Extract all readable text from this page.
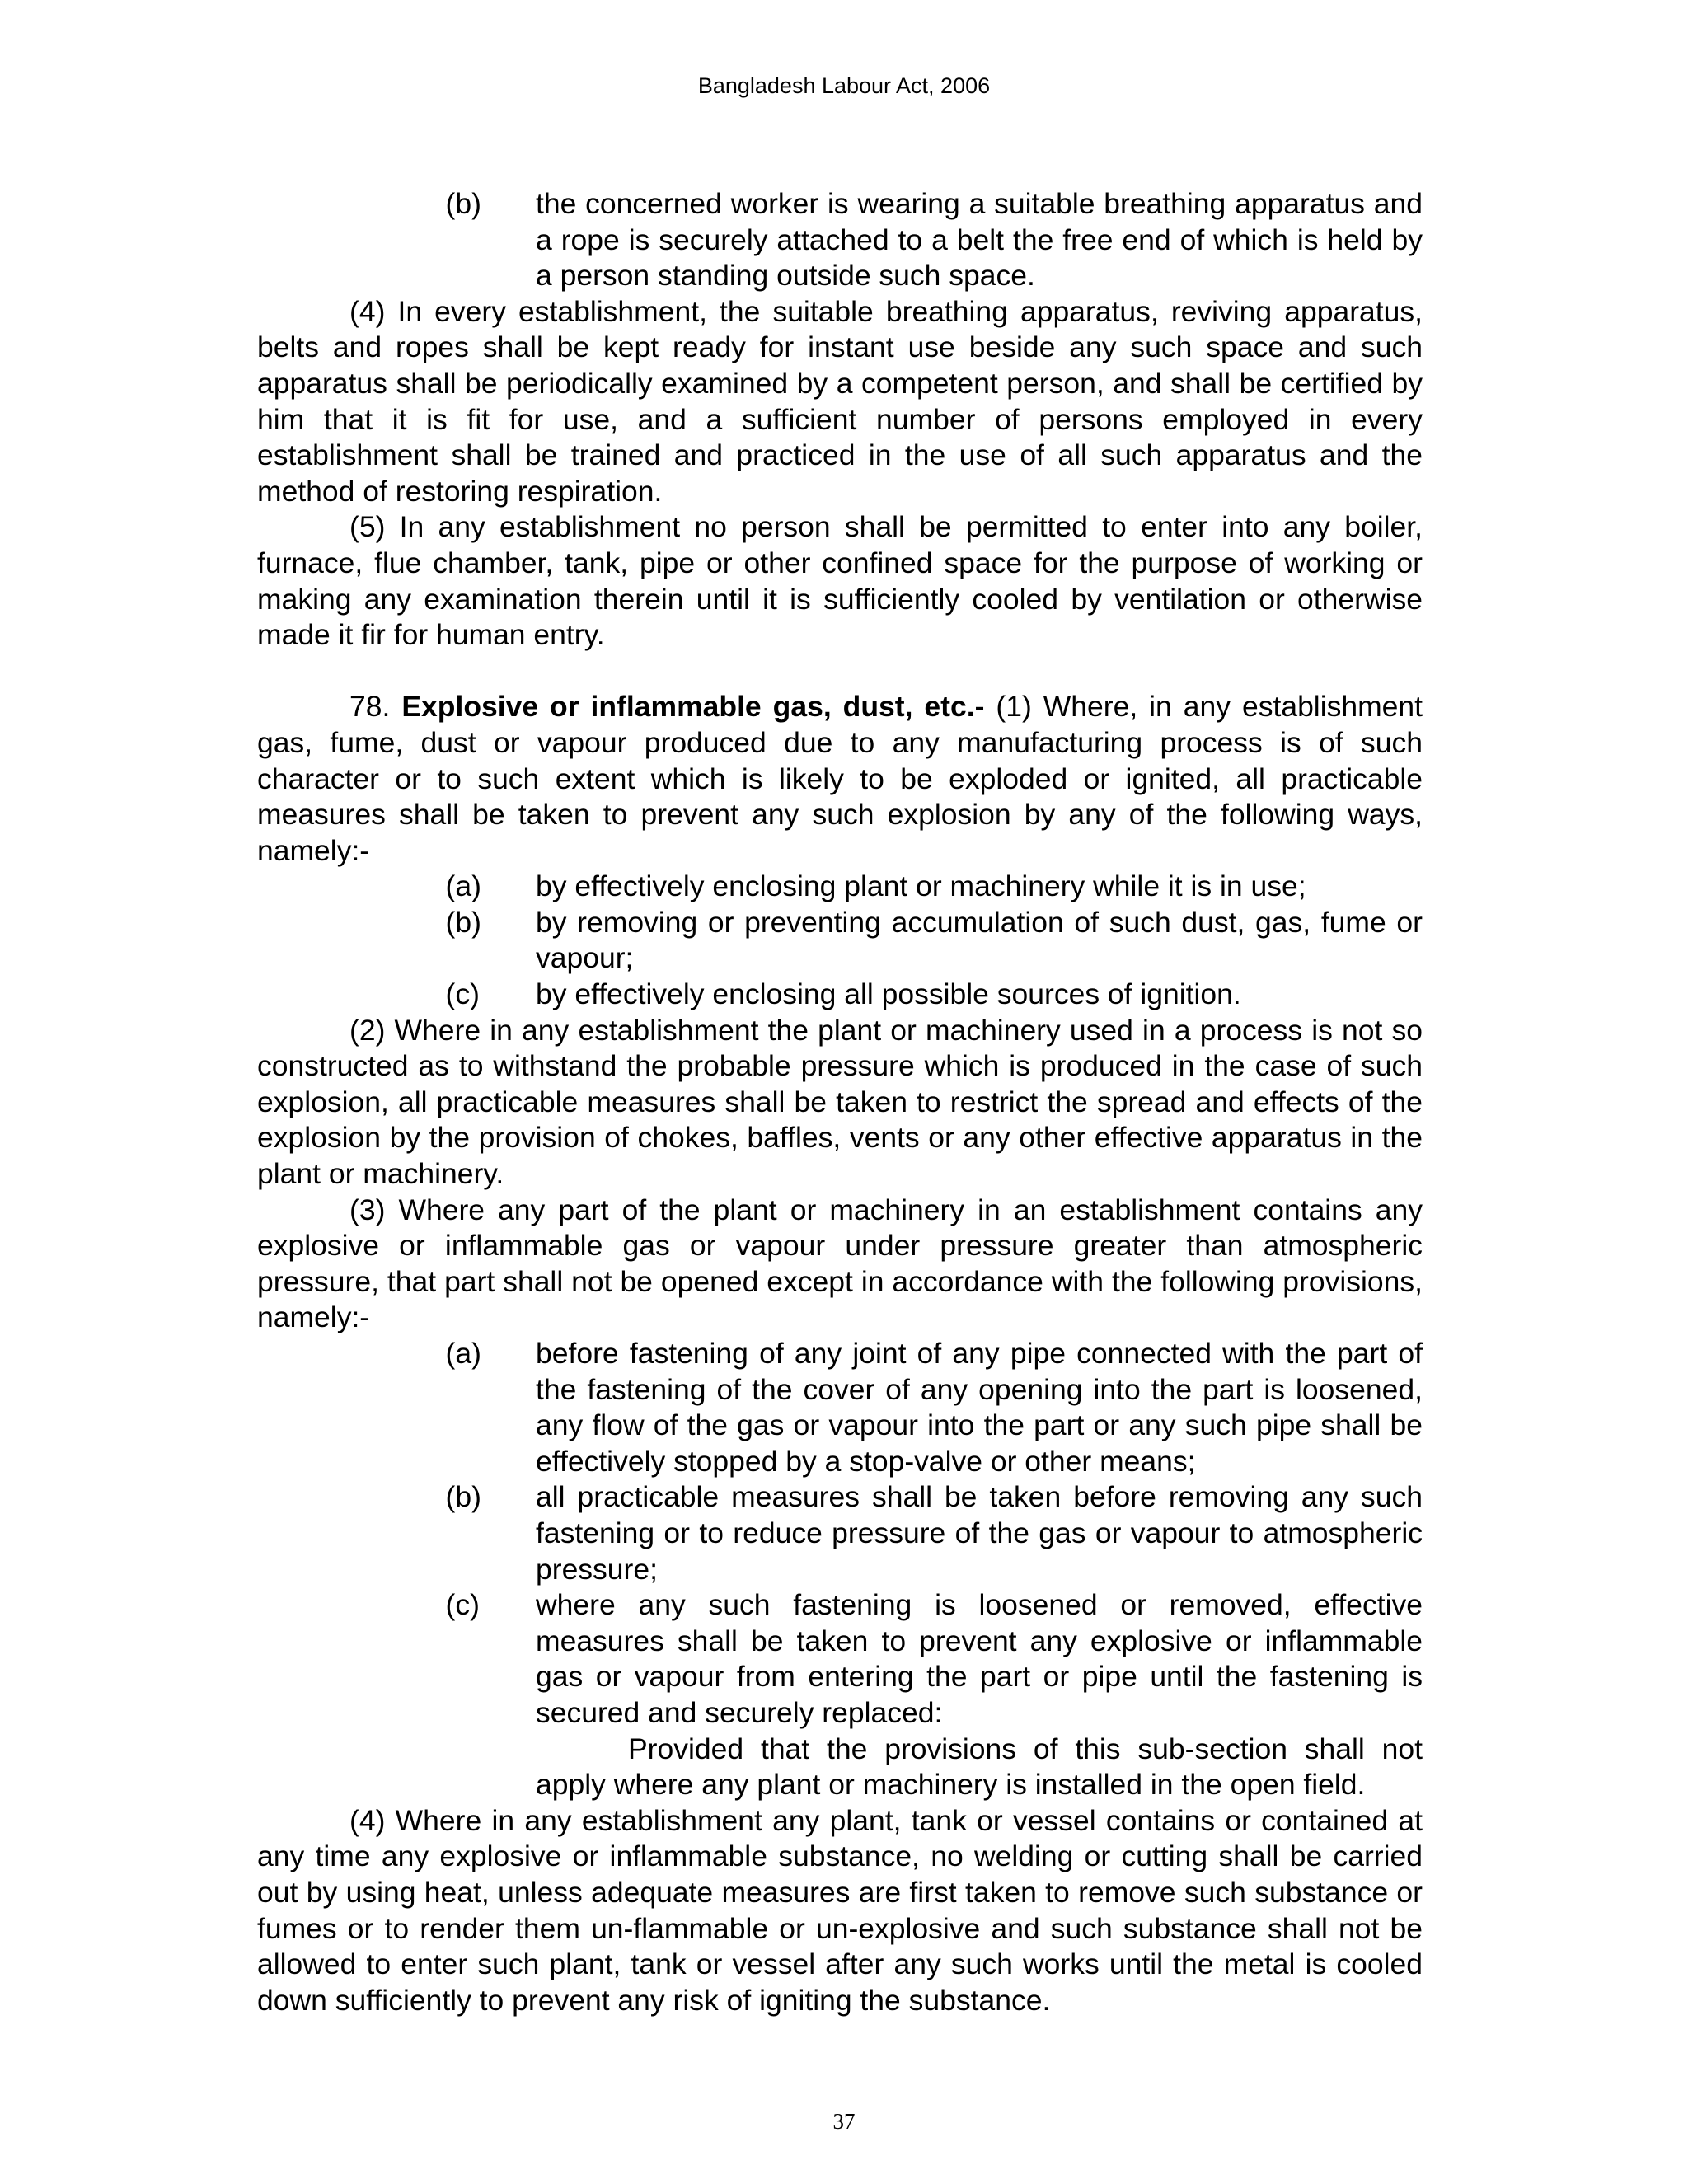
Bangladesh Labour Act, 2006
(b)	the concerned worker is wearing a suitable breathing apparatus and a rope is securely attached to a belt the free end of which is held by a person standing outside such space.

(4) In every establishment, the suitable breathing apparatus, reviving apparatus, belts and ropes shall be kept ready for instant use beside any such space and such apparatus shall be periodically examined by a competent person, and shall be certified by him that it is fit for use, and a sufficient number of persons employed in every establishment shall be trained and practiced in the use of all such apparatus and the method of restoring respiration.

(5) In any establishment no person shall be permitted to enter into any boiler, furnace, flue chamber, tank, pipe or other confined space for the purpose of working or making any examination therein until it is sufficiently cooled by ventilation or otherwise made it fir for human entry.

78. Explosive or inflammable gas, dust, etc.- (1) Where, in any establishment gas, fume, dust or vapour produced due to any manufacturing process is of such character or to such extent which is likely to be exploded or ignited, all practicable measures shall be taken to prevent any such explosion by any of the following ways, namely:-

(a)	by effectively enclosing plant or machinery while it is in use;
(b)	by removing or preventing accumulation of such dust, gas, fume or vapour;
(c)	by effectively enclosing all possible sources of ignition.

(2) Where in any establishment the plant or machinery used in a process is not so constructed as to withstand the probable pressure which is produced in the case of such explosion, all practicable measures shall be taken to restrict the spread and effects of the explosion by the provision of chokes, baffles, vents or any other effective apparatus in the plant or machinery.

(3) Where any part of the plant or machinery in an establishment contains any explosive or inflammable gas or vapour under pressure greater than atmospheric pressure, that part shall not be opened except in accordance with the following provisions, namely:-

(a)	before fastening of any joint of any pipe connected with the part of the fastening of the cover of any opening into the part is loosened, any flow of the gas or vapour into the part or any such pipe shall be effectively stopped by a stop-valve or other means;
(b)	all practicable measures shall be taken before removing any such fastening or to reduce pressure of the gas or vapour to atmospheric pressure;
(c)	where any such fastening is loosened or removed, effective measures shall be taken to prevent any explosive or inflammable gas or vapour from entering the part or pipe until the fastening is secured and securely replaced:

Provided that the provisions of this sub-section shall not apply where any plant or machinery is installed in the open field.

(4) Where in any establishment any plant, tank or vessel contains or contained at any time any explosive or inflammable substance, no welding or cutting shall be carried out by using heat, unless adequate measures are first taken to remove such substance or fumes or to render them un-flammable or un-explosive and such substance shall not be allowed to enter such plant, tank or vessel after any such works until the metal is cooled down sufficiently to prevent any risk of igniting the substance.

37
